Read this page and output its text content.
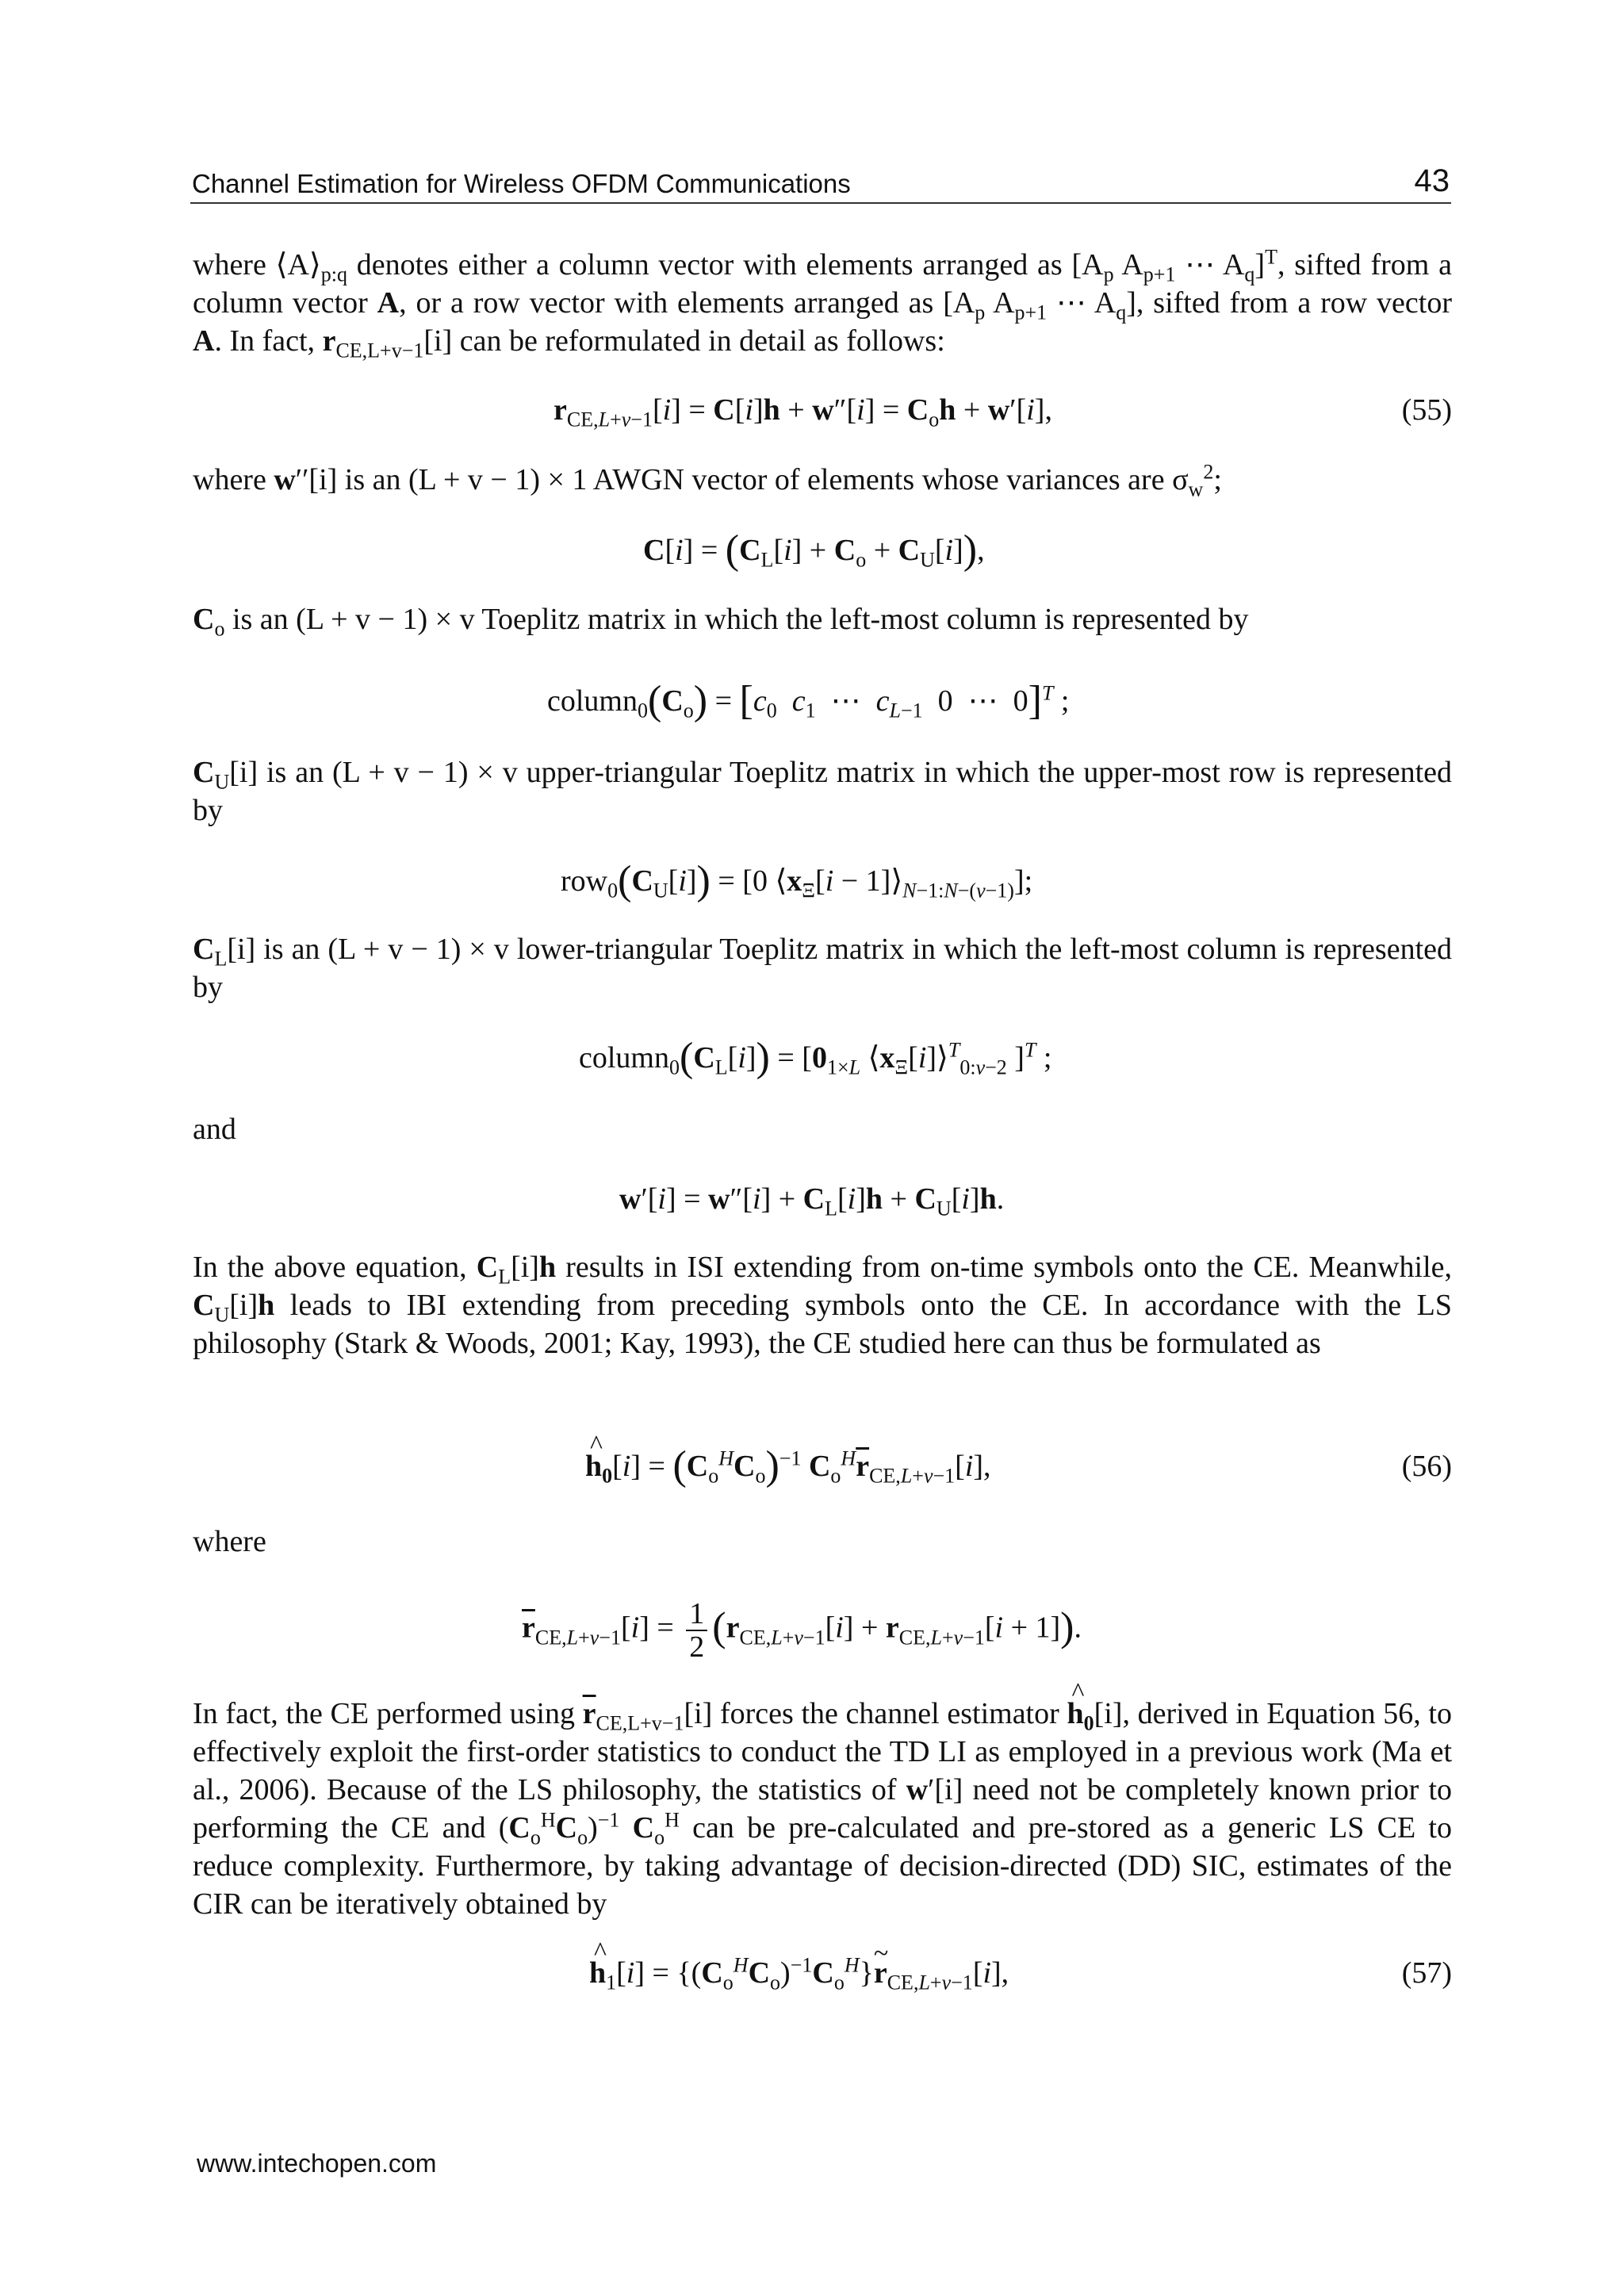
Channel Estimation for Wireless OFDM Communications	43

where $⟨A⟩_{p:q}$ denotes either a column vector with elements arranged as [$A_p$ $A_{p+1}$ ⋯ $A_q]^T$, sifted from a column vector A, or a row vector with elements arranged as [$A_p$ $A_{p+1}$ ⋯ $A_q$], sifted from a row vector A. In fact, $r_{CE,L+v-1}[i]$ can be reformulated in detail as follows:

$r_{CE,L+v-1}[i] = C[i]h + w''[i] = C_oh + w'[i]$,	(55)

where w′′[i] is an (L + v − 1) × 1 AWGN vector of elements whose variances are $\sigma_w^2$;

$C[i] = (C_L[i] + C_o + C_U[i])$,

$C_o$ is an (L + v − 1) × v Toeplitz matrix in which the left-most column is represented by

$column_0(C_o) = [c_0$ $c_1$  ⋯  $c_{L-1}$  0  ⋯  0]$^T$ ;

$C_U[i]$ is an (L + v − 1) × v upper-triangular Toeplitz matrix in which the upper-most row is represented by

$row_0(C_U[i]) = [0$ $⟨x_\Xi[i$ − $1]⟩_{N-1:N-(v-1)}$];

$C_L[i]$ is an (L + v − 1) × v lower-triangular Toeplitz matrix in which the left-most column is represented by

$column_0(C_L[i]) = [0_{1\times L}$ $⟨x_\Xi[i]⟩^T_{0:v-2}$ ]$^T$ ;

and

$w'[i] = w''[i] + C_L[i]h + C_U[i]h$.

In the above equation, $C_L[i]h$ results in ISI extending from on-time symbols onto the CE. Meanwhile, $C_U[i]h$ leads to IBI extending from preceding symbols onto the CE. In accordance with the LS philosophy (Stark & Woods, 2001; Kay, 1993), the CE studied here can thus be formulated as

^ $h_0[i] = (C_o^HC_o)^{-1}$ $C_o^H\overline{r}_{CE,L+v-1}[i]$,	(56)

where

$\overline{r}_{CE,L+v-1}[i] = \frac{1}{2} (r_{CE,L+v-1}[i] + r_{CE,L+v-1}[i + 1])$.

In fact, the CE performed using $\overline{r}_{CE,L+v-1}[i]$ forces the channel estimator ^ $h_0[i]$, derived in Equation 56, to effectively exploit the first-order statistics to conduct the TD LI as employed in a previous work (Ma et al., 2006). Because of the LS philosophy, the statistics of w′[i] need not be completely known prior to performing the CE and $(C_o^HC_o)^{-1}$ $C_o^H$ can be pre-calculated and pre-stored as a generic LS CE to reduce complexity. Furthermore, by taking advantage of decision-directed (DD) SIC, estimates of the CIR can be iteratively obtained by

^ $h_1[i]$ = $\{(C_o^HC_o)^{-1}C_o^H\}\sim$ $r_{CE,L+v-1}[i]$,	(57)
www.intechopen.com
